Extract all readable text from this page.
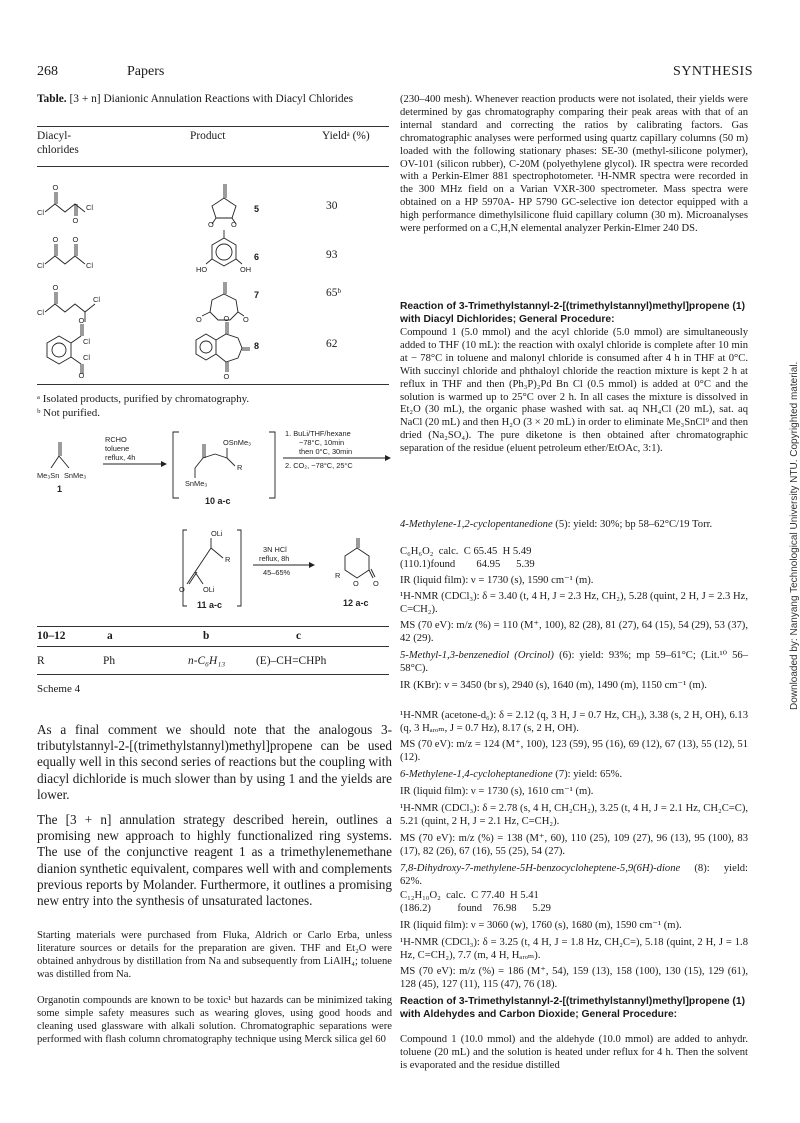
268	Papers	SYNTHESIS
Table. [3 + n] Dianionic Annulation Reactions with Diacyl Chlorides
Diacyl- chlorides
Product	Yieldᵃ (%)
O
O
Cl
Cl
O
O
5	30
O O
Cl	Cl	OH
HO
6	93
O
Cl
Cl
O	O
7	65ᵇ
O
O
Cl
Cl
O
O
8	62
ᵃ Isolated products, purified by chromatography.
ᵇ Not purified.
Me₃Sn SnMe₃
1
RCHO
toluene
reflux, 4h
OSnMe₃
SnMe₃
R
10 a-c
1. BuLi/THF/hexane
−78°C, 10min
then 0°C, 30min
2. CO₂, −78°C, 25°C
OLi
R
OLi
O
11 a-c
3N HCl
reflux, 8h
45–65%	R
O O
12 a-c
10–12	a	b	c
R	Ph	n-C₆H₁₃	(E)–CH=CHPh
Scheme 4
As a final comment we should note that the analogous 3-tributylstannyl-2-[(trimethylstannyl)methyl]propene can be used equally well in this second series of reactions but the coupling with diacyl dichloride is much slower than by using 1 and the yields are lower.
The [3 + n] annulation strategy described herein, outlines a promising new approach to highly functionalized ring systems. The use of the conjunctive reagent 1 as a trimethylenemethane dianion synthetic equivalent, compares well with and complements previous reports by Molander. Furthermore, it outlines a promising new entry into the synthesis of unsaturated lactones.
Starting materials were purchased from Fluka, Aldrich or Carlo Erba, unless literature sources or details for the preparation are given. THF and Et₂O were obtained anhydrous by distillation from Na and subsequently from LiAlH₄; toluene was distilled from Na.
Organotin compounds are known to be toxic¹ but hazards can be minimized taking some simple safety measures such as wearing gloves, using good hoods and cleaning used glassware with alkali solution. Chromatographic separations were performed with flash column chromatography technique using Merck silica gel 60
(230–400 mesh). Whenever reaction products were not isolated, their yields were determined by gas chromatography comparing their peak areas with that of an internal standard and correcting the ratios by calibrating factors. Gas chromatographic analyses were performed using quartz capillary columns (50 m) loaded with the following stationary phases: SE-30 (methyl-silicone polymer), OV-101 (silicon rubber), C-20M (polyethylene glycol). IR spectra were recorded with a Perkin-Elmer 881 spectrophotometer. ¹H-NMR spectra were recorded in the 300 MHz field on a Varian VXR-300 spectrometer. Mass spectra were obtained on a HP 5970A- HP 5790 GC-selective ion detector equipped with a high performance dimethylsilicone fluid capillary column (30 m). Microanalyses were performed on a C,H,N elemental analyzer Perkin-Elmer 240 DS.
Reaction of 3-Trimethylstannyl-2-[(trimethylstannyl)methyl]propene (1) with Diacyl Dichlorides; General Procedure:
Compound 1 (5.0 mmol) and the acyl chloride (5.0 mmol) are simultaneously added to THF (10 mL): the reaction with oxalyl chloride is complete after 10 min at − 78°C in toluene and malonyl chloride is consumed after 4 h in THF at 0°C. With succinyl chloride and phthaloyl chloride the reaction mixture is kept 2 h at reflux in THF and then (Ph₃P)₂Pd Bn Cl (0.5 mmol) is added at 0°C and the solution is warmed up to 25°C over 2 h. In all cases the mixture is dissolved in Et₂O (30 mL), the organic phase washed with sat. aq NH₄Cl (20 mL), sat. aq NaCl (20 mL) and then H₂O (3 × 20 mL) in order to eliminate Me₃SnCl⁹ and then dried (Na₂SO₄). The pure diketone is then obtained after chromatographic separation of the residue (eluent petroleum ether/EtOAc, 3:1).
4-Methylene-1,2-cyclopentanedione (5): yield: 30%; bp 58–62°C/19 Torr.
C₆H₆O₂  calc.  C 65.45  H 5.49
(110.1)found        64.95      5.39
IR (liquid film): ν = 1730 (s), 1590 cm⁻¹ (m).
¹H-NMR (CDCl₃): δ = 3.40 (t, 4 H, J = 2.3 Hz, CH₂), 5.28 (quint, 2 H, J = 2.3 Hz, C=CH₂).
MS (70 eV): m/z (%) = 110 (M⁺, 100), 82 (28), 81 (27), 64 (15), 54 (29), 53 (37), 42 (29).
5-Methyl-1,3-benzenediol (Orcinol) (6): yield: 93%; mp 59–61°C; (Lit.¹⁰ 56–58°C).
IR (KBr): ν = 3450 (br s), 2940 (s), 1640 (m), 1490 (m), 1150 cm⁻¹ (m).
¹H-NMR (acetone-d₆): δ = 2.12 (q, 3 H, J = 0.7 Hz, CH₃), 3.38 (s, 2 H, OH), 6.13 (q, 3 Hₐᵣₒₘ, J = 0.7 Hz), 8.17 (s, 2 H, OH).
MS (70 eV): m/z = 124 (M⁺, 100), 123 (59), 95 (16), 69 (12), 67 (13), 55 (12), 51 (12).
6-Methylene-1,4-cycloheptanedione (7): yield: 65%.
IR (liquid film): ν = 1730 (s), 1610 cm⁻¹ (m).
¹H-NMR (CDCl₃): δ = 2.78 (s, 4 H, CH₂CH₂), 3.25 (t, 4 H, J = 2.1 Hz, CH₂C=C), 5.21 (quint, 2 H, J = 2.1 Hz, C=CH₂).
MS (70 eV): m/z (%) = 138 (M⁺, 60), 110 (25), 109 (27), 96 (13), 95 (100), 83 (17), 82 (26), 67 (16), 55 (25), 54 (27).
7,8-Dihydroxy-7-methylene-5H-benzocycloheptene-5,9(6H)-dione (8): yield: 62%.
C₁₂H₁₀O₂  calc.  C 77.40  H 5.41
(186.2)          found    76.98      5.29
IR (liquid film): ν = 3060 (w), 1760 (s), 1680 (m), 1590 cm⁻¹ (m).
¹H-NMR (CDCl₃): δ = 3.25 (t, 4 H, J = 1.8 Hz, CH₂C=), 5.18 (quint, 2 H, J = 1.8 Hz, C=CH₂), 7.7 (m, 4 H, Hₐᵣₒₘ).
MS (70 eV): m/z (%) = 186 (M⁺, 54), 159 (13), 158 (100), 130 (15), 129 (61), 128 (45), 127 (11), 115 (47), 76 (18).
Reaction of 3-Trimethylstannyl-2-[(trimethylstannyl)methyl]propene (1) with Aldehydes and Carbon Dioxide; General Procedure:
Compound 1 (10.0 mmol) and the aldehyde (10.0 mmol) are added to anhydr. toluene (20 mL) and the solution is heated under reflux for 4 h. Then the solvent is evaporated and the residue distilled
Downloaded by: Nanyang Technological University NTU. Copyrighted material.
